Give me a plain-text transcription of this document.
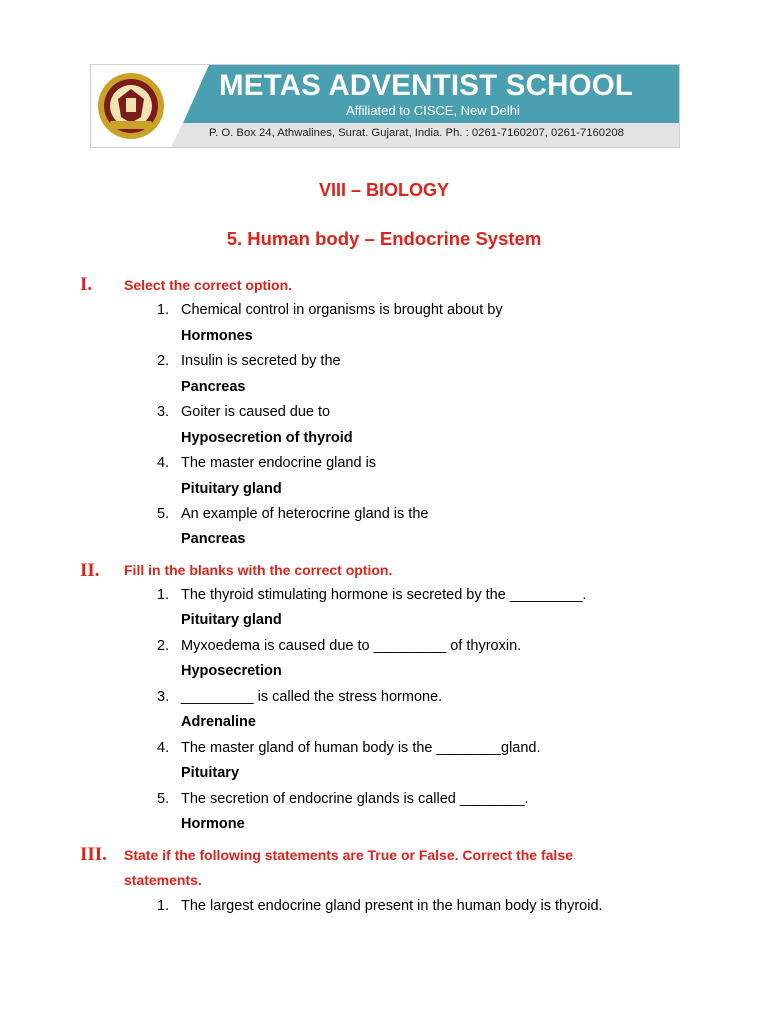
METAS ADVENTIST SCHOOL
Affiliated to CISCE, New Delhi
P. O. Box 24, Athwalines, Surat. Gujarat, India. Ph. : 0261-7160207, 0261-7160208
VIII – BIOLOGY
5. Human body – Endocrine System
I. Select the correct option.
1. Chemical control in organisms is brought about by
Hormones
2. Insulin is secreted by the
Pancreas
3. Goiter is caused due to
Hyposecretion of thyroid
4. The master endocrine gland is
Pituitary gland
5. An example of heterocrine gland is the
Pancreas
II. Fill in the blanks with the correct option.
1. The thyroid stimulating hormone is secreted by the _________.
Pituitary gland
2. Myxoedema is caused due to _________ of thyroxin.
Hyposecretion
3. _________ is called the stress hormone.
Adrenaline
4. The master gland of human body is the ________gland.
Pituitary
5. The secretion of endocrine glands is called ________.
Hormone
III. State if the following statements are True or False. Correct the false statements.
1. The largest endocrine gland present in the human body is thyroid.
